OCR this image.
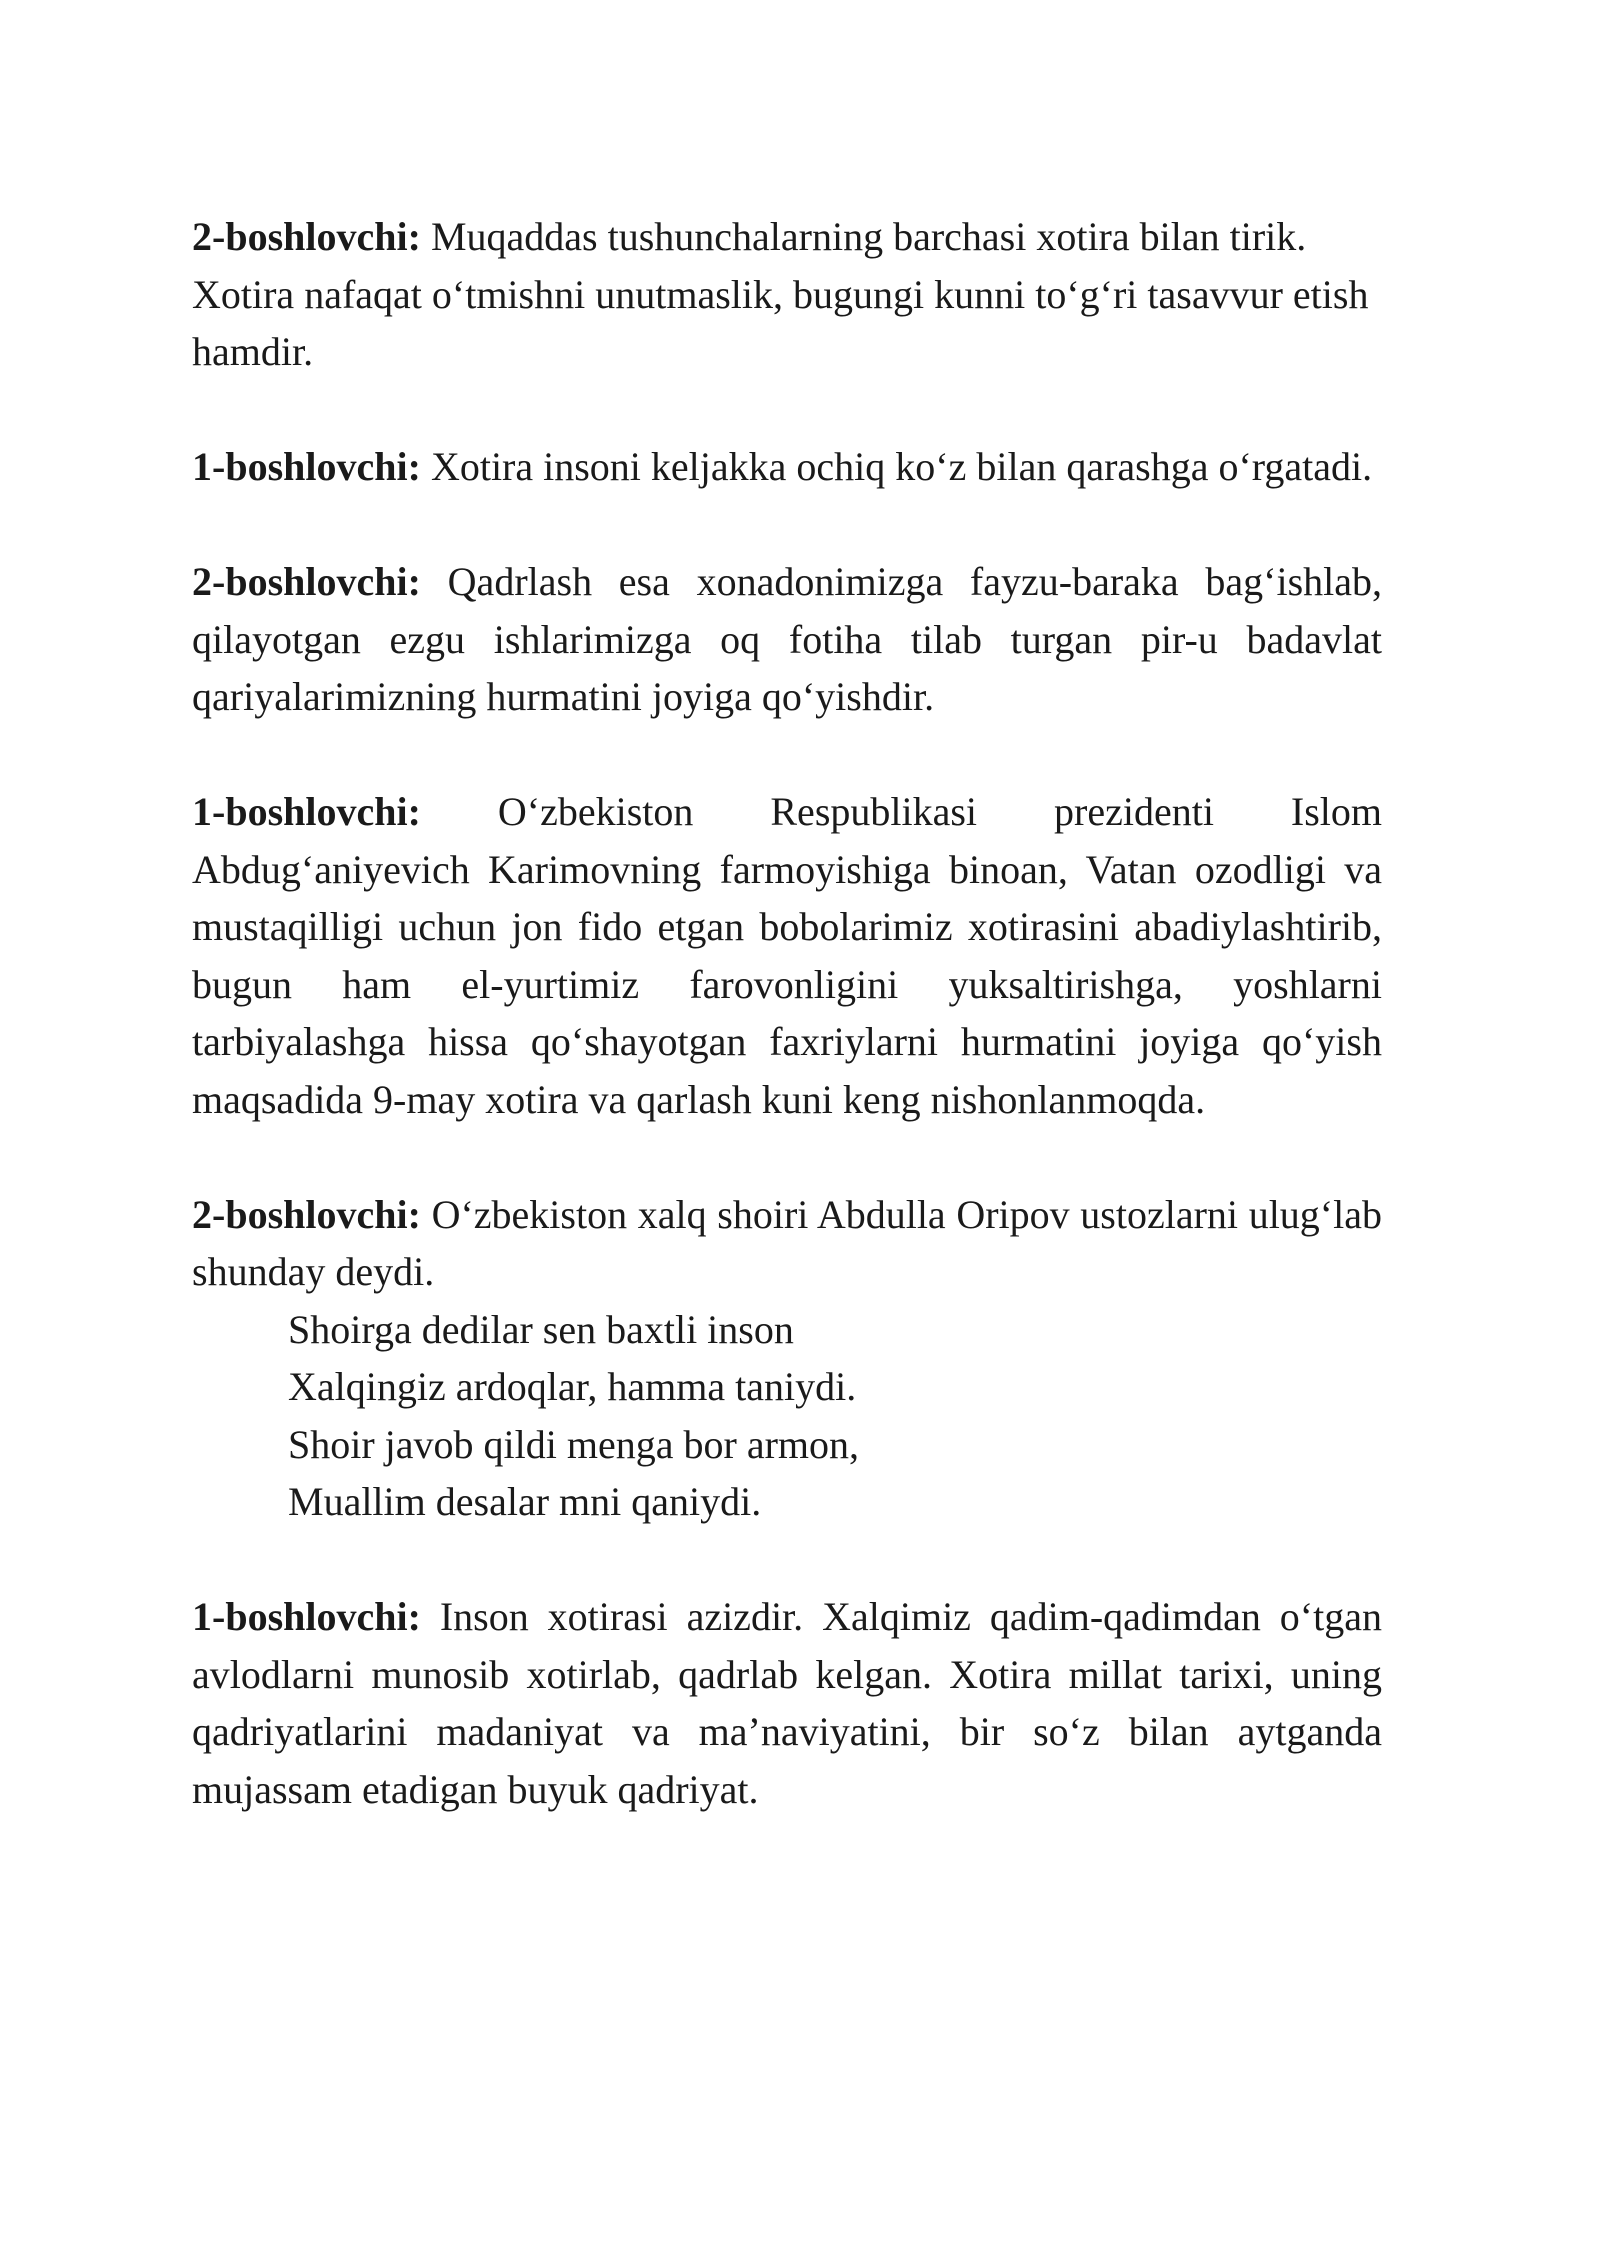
2-boshlovchi: Muqaddas tushunchalarning barchasi xotira bilan tirik. Xotira nafaqat o‘tmishni unutmaslik, bugungi kunni to‘g‘ri tasavvur etish hamdir.

1-boshlovchi: Xotira insoni keljakka ochiq ko‘z bilan qarashga o‘rgatadi.

2-boshlovchi: Qadrlash esa xonadonimizga fayzu-baraka bag‘ishlab, qilayotgan ezgu ishlarimizga oq fotiha tilab turgan pir-u badavlat qariyalarimizning hurmatini joyiga qo‘yishdir.

1-boshlovchi: O‘zbekiston Respublikasi prezidenti Islom Abdug‘aniyevich Karimovning farmoyishiga binoan, Vatan ozodligi va mustaqilligi uchun jon fido etgan bobolarimiz xotirasini abadiylashtirib, bugun ham el-yurtimiz farovonligini yuksaltirishga, yoshlarni tarbiyalashga hissa qo‘shayotgan faxriylarni hurmatini joyiga qo‘yish maqsadida 9-may xotira va qarlash kuni keng nishonlanmoqda.

2-boshlovchi: O‘zbekiston xalq shoiri Abdulla Oripov ustozlarni ulug‘lab shunday deydi.

Shoirga dedilar sen baxtli inson
Xalqingiz ardoqlar, hamma taniydi.
Shoir javob qildi menga bor armon,
Muallim desalar mni qaniydi.

1-boshlovchi: Inson xotirasi azizdir. Xalqimiz qadim-qadimdan o‘tgan avlodlarni munosib xotirlab, qadrlab kelgan. Xotira millat tarixi, uning qadriyatlarini madaniyat va ma’naviyatini, bir so‘z bilan aytganda mujassam etadigan buyuk qadriyat.
